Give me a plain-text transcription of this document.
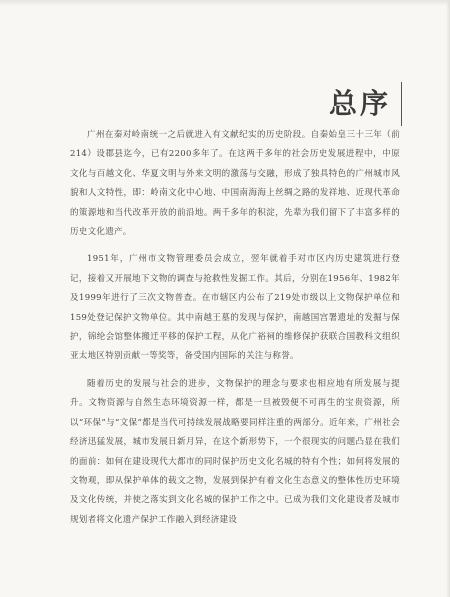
总序

广州在秦对岭南统一之后就进入有文献纪实的历史阶段。自秦始皇三十三年（前214）设郡县迄今，已有2200多年了。在这两千多年的社会历史发展进程中，中原文化与百越文化、华夏文明与外来文明的激荡与交融，形成了独具特色的广州城市风貌和人文特性，即：岭南文化中心地、中国南海海上丝绸之路的发祥地、近现代革命的策源地和当代改革开放的前沿地。两千多年的积淀，先辈为我们留下了丰富多样的历史文化遗产。

1951年，广州市文物管理委员会成立，翌年就着手对市区内历史建筑进行登记，接着又开展地下文物的调查与抢救性发掘工作。其后，分别在1956年、1982年及1999年进行了三次文物普查。在市辖区内公布了219处市级以上文物保护单位和159处登记保护文物单位。其中南越王墓的发现与保护，南越国宫署遗址的发掘与保护，锦纶会馆整体搬迁平移的保护工程，从化广裕祠的维修保护获联合国教科文组织亚太地区特别贡献一等奖等，备受国内国际的关注与称誉。

随着历史的发展与社会的进步，文物保护的理念与要求也相应地有所发展与提升。文物资源与自然生态环境资源一样，都是一旦被毁便不可再生的宝贵资源，所以“环保”与“文保”都是当代可持续发展战略要同样注重的两部分。近年来，广州社会经济迅猛发展，城市发展日新月异，在这个新形势下，一个很现实的问题凸显在我们的面前：如何在建设现代大都市的同时保护历史文化名城的特有个性；如何将发展的文物观，即从保护单体的载文之物，发展到保护有着文化生态意义的整体性历史环境及文化传统，并使之落实到文化名城的保护工作之中。已成为我们文化建设者及城市规划者将文化遗产保护工作融入到经济建设
